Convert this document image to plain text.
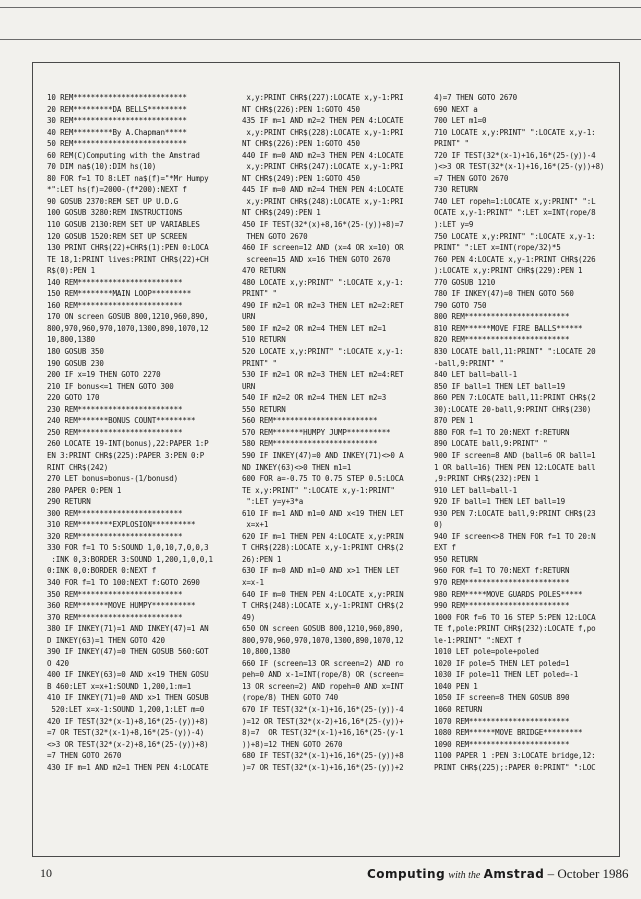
10 REM**************************
20 REM*********DA BELLS*********
30 REM**************************
40 REM*********By A.Chapman*****
50 REM**************************
60 REM(C)Computing with the Amstrad
70 DIM na$(10):DIM hs(10)
80 FOR f=1 TO 8:LET na$(f)="*Mr Humpy
*":LET hs(f)=2000-(f*200):NEXT f
90 GOSUB 2370:REM SET UP U.D.G
100 GOSUB 3280:REM INSTRUCTIONS
110 GOSUB 2130:REM SET UP VARIABLES
120 GOSUB 1520:REM SET UP SCREEN
130 PRINT CHR$(22)+CHR$(1):PEN 0:LOCA
TE 18,1:PRINT lives:PRINT CHR$(22)+CH
R$(0):PEN 1
140 REM************************
150 REM********MAIN LOOP*********
160 REM************************
170 ON screen GOSUB 800,1210,960,890,
800,970,960,970,1070,1300,890,1070,12
10,800,1380
180 GOSUB 350
190 GOSUB 230
200 IF x=19 THEN GOTO 2270
210 IF bonus<=1 THEN GOTO 300
220 GOTO 170
230 REM************************
240 REM*******BONUS COUNT*********
250 REM************************
260 LOCATE 19-INT(bonus),22:PAPER 1:P
EN 3:PRINT CHR$(225):PAPER 3:PEN 0:P
RINT CHR$(242)
270 LET bonus=bonus-(1/bonusd)
280 PAPER 0:PEN 1
290 RETURN
300 REM************************
310 REM********EXPLOSION**********
320 REM************************
330 FOR f=1 TO 5:SOUND 1,0,10,7,0,0,3
:INK 0,3:BORDER 3:SOUND 1,200,1,0,0,1
0:INK 0,0:BORDER 0:NEXT f
340 FOR f=1 TO 100:NEXT f:GOTO 2690
350 REM************************
360 REM*******MOVE HUMPY**********
370 REM************************
380 IF INKEY(71)=1 AND INKEY(47)=1 AN
D INKEY(63)=1 THEN GOTO 420
390 IF INKEY(47)=0 THEN GOSUB 560:GOT
O 420
400 IF INKEY(63)=0 AND x<19 THEN GOSU
B 460:LET x=x+1:SOUND 1,200,1:m=1
410 IF INKEY(71)=0 AND x>1 THEN GOSUB
520:LET x=x-1:SOUND 1,200,1:LET m=0
420 IF TEST(32*(x-1)+8,16*(25-(y))+8)
=7 OR TEST(32*(x-1)+8,16*(25-(y))-4)
<>3 OR TEST(32*(x-2)+8,16*(25-(y))+8)
=7 THEN GOTO 2670
430 IF m=1 AND m2=1 THEN PEN 4:LOCATE
x,y:PRINT CHR$(227):LOCATE x,y-1:PRI
NT CHR$(226):PEN 1:GOTO 450
435 IF m=1 AND m2=2 THEN PEN 4:LOCATE
x,y:PRINT CHR$(228):LOCATE x,y-1:PRI
NT CHR$(226):PEN 1:GOTO 450
440 IF m=0 AND m2=3 THEN PEN 4:LOCATE
x,y:PRINT CHR$(247):LOCATE x,y-1:PRI
NT CHR$(249):PEN 1:GOTO 450
445 IF m=0 AND m2=4 THEN PEN 4:LOCATE
x,y:PRINT CHR$(248):LOCATE x,y-1:PRI
NT CHR$(249):PEN 1
450 IF TEST(32*(x)+8,16*(25-(y))+8)=7
THEN GOTO 2670
460 IF screen=12 AND (x=4 OR x=10) OR
screen=15 AND x=16 THEN GOTO 2670
470 RETURN
480 LOCATE x,y:PRINT" ":LOCATE x,y-1:
PRINT" "
490 IF m2=1 OR m2=3 THEN LET m2=2:RET
URN
500 IF m2=2 OR m2=4 THEN LET m2=1
510 RETURN
520 LOCATE x,y:PRINT" ":LOCATE x,y-1:
PRINT" "
530 IF m2=1 OR m2=3 THEN LET m2=4:RET
URN
540 IF m2=2 OR m2=4 THEN LET m2=3
550 RETURN
560 REM************************
570 REM*******HUMPY JUMP**********
580 REM************************
590 IF INKEY(47)=0 AND INKEY(71)<>0 A
ND INKEY(63)<>0 THEN m1=1
600 FOR a=-0.75 TO 0.75 STEP 0.5:LOCA
TE x,y:PRINT" ":LOCATE x,y-1:PRINT"
":LET y=y+3*a
610 IF m=1 AND m1=0 AND x<19 THEN LET
x=x+1
620 IF m=1 THEN PEN 4:LOCATE x,y:PRIN
T CHR$(228):LOCATE x,y-1:PRINT CHR$(2
26):PEN 1
630 IF m=0 AND m1=0 AND x>1 THEN LET
x=x-1
640 IF m=0 THEN PEN 4:LOCATE x,y:PRIN
T CHR$(248):LOCATE x,y-1:PRINT CHR$(2
49)
650 ON screen GOSUB 800,1210,960,890,
800,970,960,970,1070,1300,890,1070,12
10,800,1380
660 IF (screen=13 OR screen=2) AND ro
peh=0 AND x-1=INT(rope/8) OR (screen=
13 OR screen=2) AND ropeh=0 AND x=INT
(rope/8) THEN GOTO 740
670 IF TEST(32*(x-1)+16,16*(25-(y))-4
)=12 OR TEST(32*(x-2)+16,16*(25-(y))+
8)=7  OR TEST(32*(x-1)+16,16*(25-(y-1
))+8)=12 THEN GOTO 2670
680 IF TEST(32*(x-1)+16,16*(25-(y))+8
)=7 OR TEST(32*(x-1)+16,16*(25-(y))+2
4)=7 THEN GOTO 2670
690 NEXT a
700 LET m1=0
710 LOCATE x,y:PRINT" ":LOCATE x,y-1:
PRINT" "
720 IF TEST(32*(x-1)+16,16*(25-(y))-4
)<>3 OR TEST(32*(x-1)+16,16*(25-(y))+8)
=7 THEN GOTO 2670
730 RETURN
740 LET ropeh=1:LOCATE x,y:PRINT" ":L
OCATE x,y-1:PRINT" ":LET x=INT(rope/8
):LET y=9
750 LOCATE x,y:PRINT" ":LOCATE x,y-1:
PRINT" ":LET x=INT(rope/32)*5
760 PEN 4:LOCATE x,y-1:PRINT CHR$(226
):LOCATE x,y:PRINT CHR$(229):PEN 1
770 GOSUB 1210
780 IF INKEY(47)=0 THEN GOTO 560
790 GOTO 750
800 REM************************
810 REM******MOVE FIRE BALLS******
820 REM************************
830 LOCATE ball,11:PRINT" ":LOCATE 20
-ball,9:PRINT" "
840 LET ball=ball-1
850 IF ball=1 THEN LET ball=19
860 PEN 7:LOCATE ball,11:PRINT CHR$(2
30):LOCATE 20-ball,9:PRINT CHR$(230)
870 PEN 1
880 FOR f=1 TO 20:NEXT f:RETURN
890 LOCATE ball,9:PRINT" "
900 IF screen=8 AND (ball=6 OR ball=1
1 OR ball=16) THEN PEN 12:LOCATE ball
,9:PRINT CHR$(232):PEN 1
910 LET ball=ball-1
920 IF ball=1 THEN LET ball=19
930 PEN 7:LOCATE ball,9:PRINT CHR$(23
0)
940 IF screen<>8 THEN FOR f=1 TO 20:N
EXT f
950 RETURN
960 FOR f=1 TO 70:NEXT f:RETURN
970 REM************************
980 REM*****MOVE GUARDS POLES*****
990 REM************************
1000 FOR f=6 TO 16 STEP 5:PEN 12:LOCA
TE f,pole:PRINT CHR$(232):LOCATE f,po
le-1:PRINT" ":NEXT f
1010 LET pole=pole+poled
1020 IF pole=5 THEN LET poled=1
1030 IF pole=11 THEN LET poled=-1
1040 PEN 1
1050 IF screen=8 THEN GOSUB 890
1060 RETURN
1070 REM***********************
1080 REM******MOVE BRIDGE*********
1090 REM***********************
1100 PAPER 1 :PEN 3:LOCATE bridge,12:
PRINT CHR$(225);:PAPER 0:PRINT" ":LOC
10	Computing with the Amstrad – October 1986
